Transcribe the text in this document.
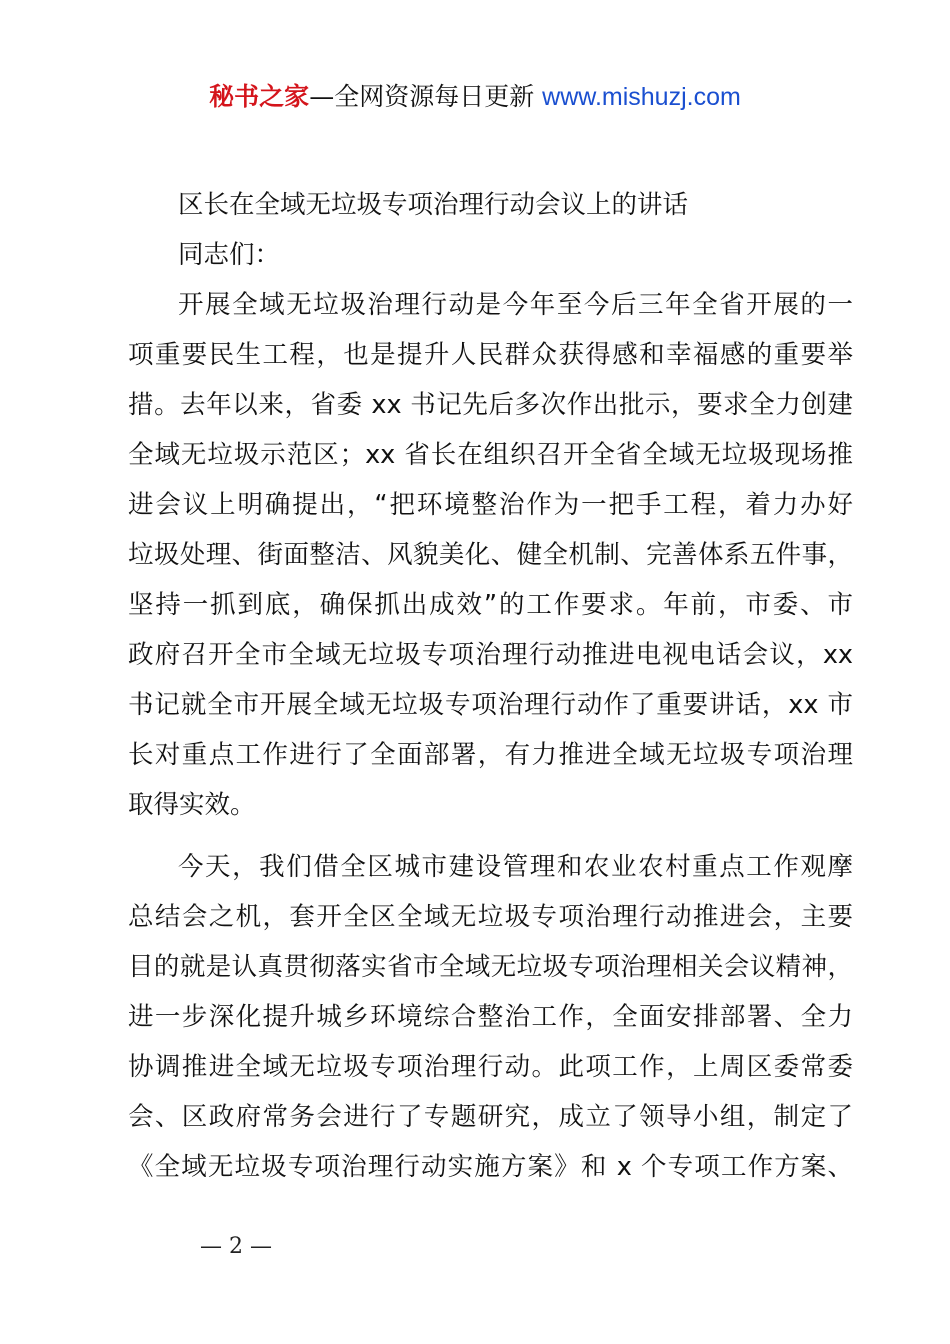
秘书之家—全网资源每日更新 www.mishuzj.com
区长在全域无垃圾专项治理行动会议上的讲话
同志们：
开展全域无垃圾治理行动是今年至今后三年全省开展的一
项重要民生工程，也是提升人民群众获得感和幸福感的重要举
措。去年以来，省委 xx 书记先后多次作出批示，要求全力创建
全域无垃圾示范区；xx 省长在组织召开全省全域无垃圾现场推
进会议上明确提出，“把环境整治作为一把手工程，着力办好
垃圾处理、街面整洁、风貌美化、健全机制、完善体系五件事，
坚持一抓到底，确保抓出成效”的工作要求。年前，市委、市
政府召开全市全域无垃圾专项治理行动推进电视电话会议，xx
书记就全市开展全域无垃圾专项治理行动作了重要讲话，xx 市
长对重点工作进行了全面部署，有力推进全域无垃圾专项治理
取得实效。
今天，我们借全区城市建设管理和农业农村重点工作观摩
总结会之机，套开全区全域无垃圾专项治理行动推进会，主要
目的就是认真贯彻落实省市全域无垃圾专项治理相关会议精神，
进一步深化提升城乡环境综合整治工作，全面安排部署、全力
协调推进全域无垃圾专项治理行动。此项工作，上周区委常委
会、区政府常务会进行了专题研究，成立了领导小组，制定了
《全域无垃圾专项治理行动实施方案》和 x 个专项工作方案、
— 2 —
